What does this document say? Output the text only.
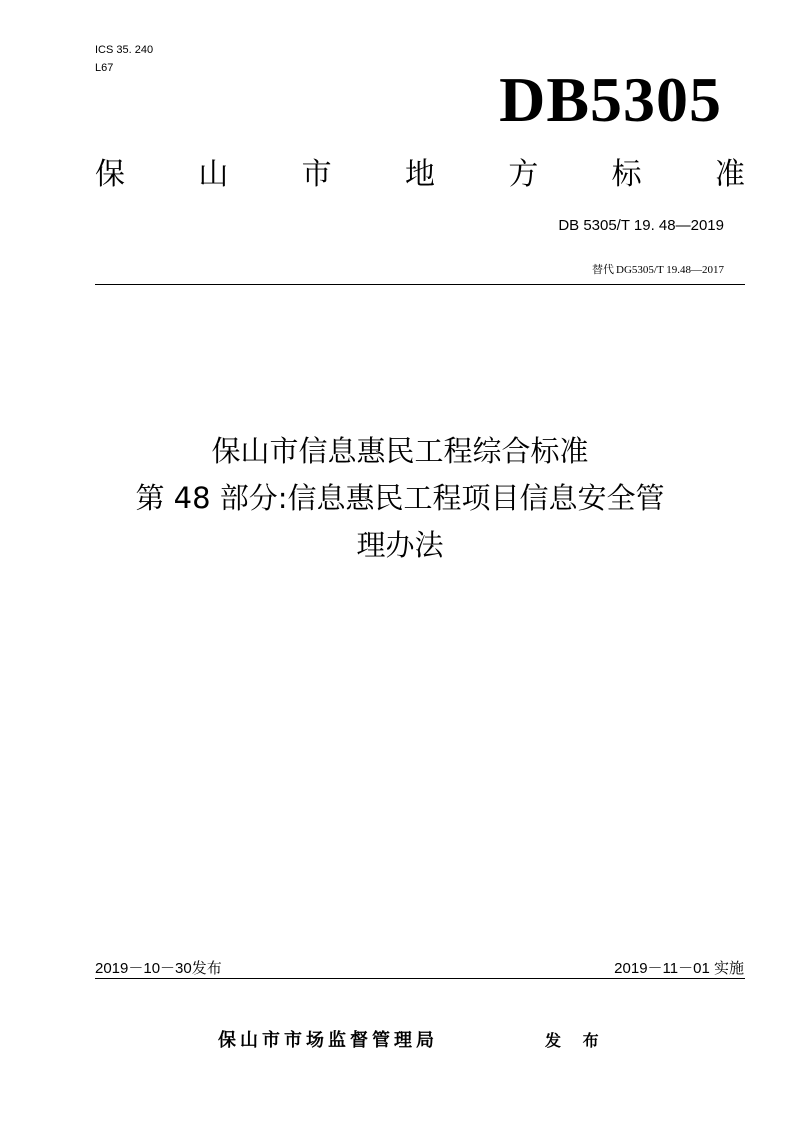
ICS 35. 240
L67	DB5305
保 山 市 地 方 标 准
DB 5305/T 19. 48—2019
替代 DG5305/T 19.48—2017
保山市信息惠民工程综合标准
第 48 部分:信息惠民工程项目信息安全管
理办法
2019－10－30发布	2019－11－01 实施
保山市市场监督管理局	发 布
